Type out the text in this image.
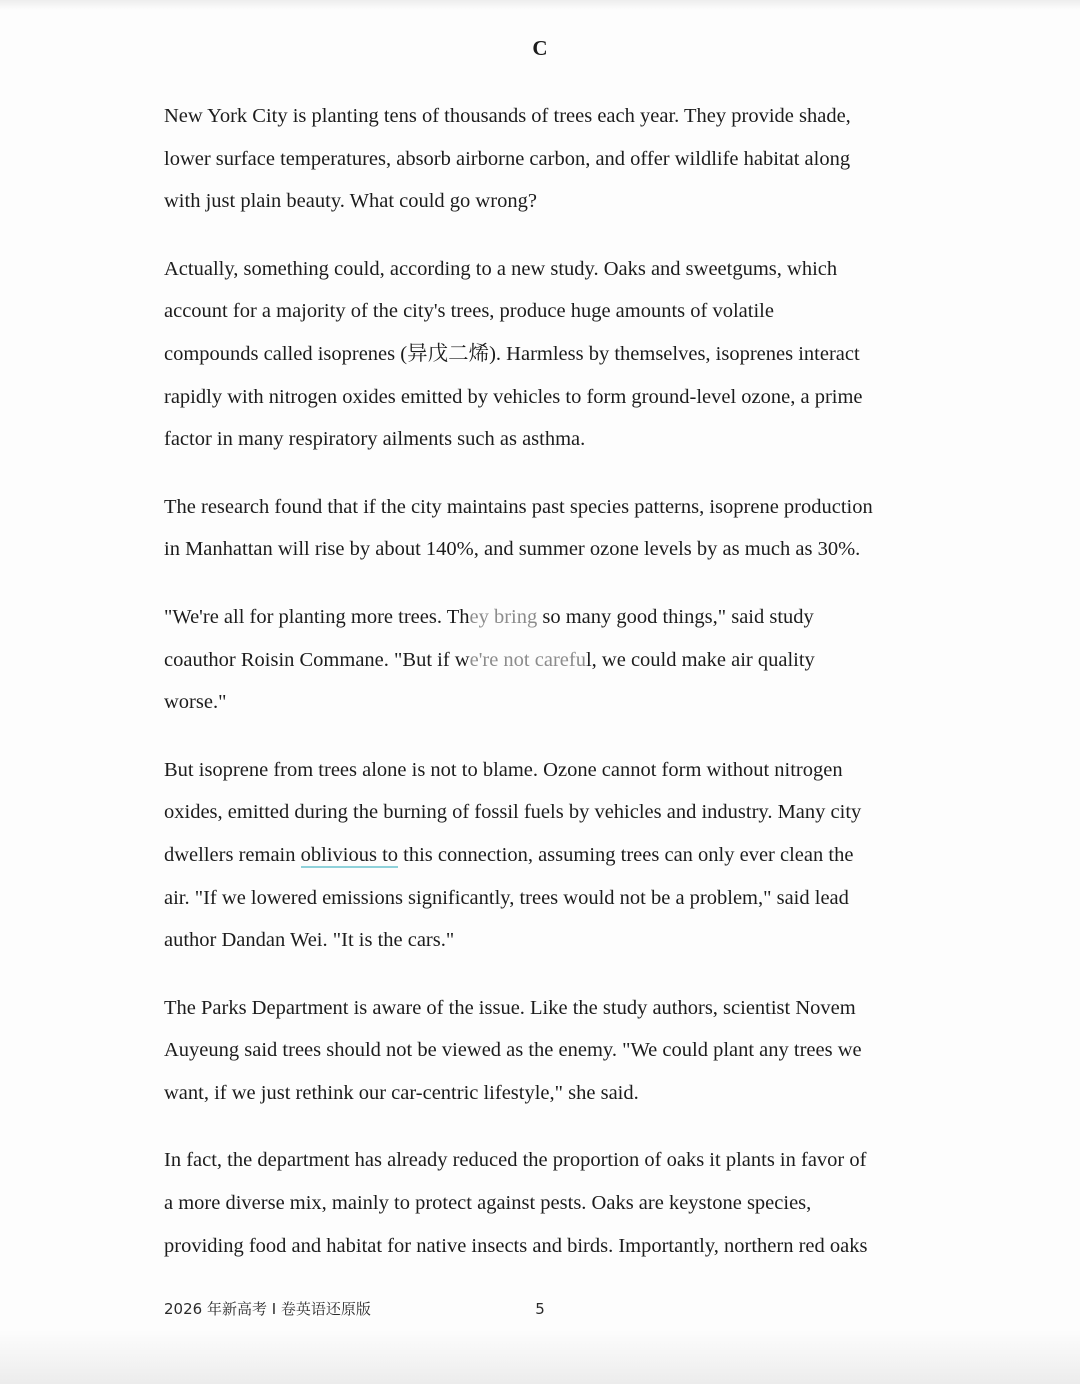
C

New York City is planting tens of thousands of trees each year. They provide shade,
lower surface temperatures, absorb airborne carbon, and offer wildlife habitat along
with just plain beauty. What could go wrong?

Actually, something could, according to a new study. Oaks and sweetgums, which
account for a majority of the city's trees, produce huge amounts of volatile
compounds called isoprenes (异戊二烯). Harmless by themselves, isoprenes interact
rapidly with nitrogen oxides emitted by vehicles to form ground-level ozone, a prime
factor in many respiratory ailments such as asthma.

The research found that if the city maintains past species patterns, isoprene production
in Manhattan will rise by about 140%, and summer ozone levels by as much as 30%.

"We're all for planting more trees. They bring so many good things," said study
coauthor Roisin Commane. "But if we're not careful, we could make air quality
worse."

But isoprene from trees alone is not to blame. Ozone cannot form without nitrogen
oxides, emitted during the burning of fossil fuels by vehicles and industry. Many city
dwellers remain oblivious to this connection, assuming trees can only ever clean the
air. "If we lowered emissions significantly, trees would not be a problem," said lead
author Dandan Wei. "It is the cars."

The Parks Department is aware of the issue. Like the study authors, scientist Novem
Auyeung said trees should not be viewed as the enemy. "We could plant any trees we
want, if we just rethink our car-centric lifestyle," she said.

In fact, the department has already reduced the proportion of oaks it plants in favor of
a more diverse mix, mainly to protect against pests. Oaks are keystone species,
providing food and habitat for native insects and birds. Importantly, northern red oaks

2026 年新高考 I 卷英语还原版	5
